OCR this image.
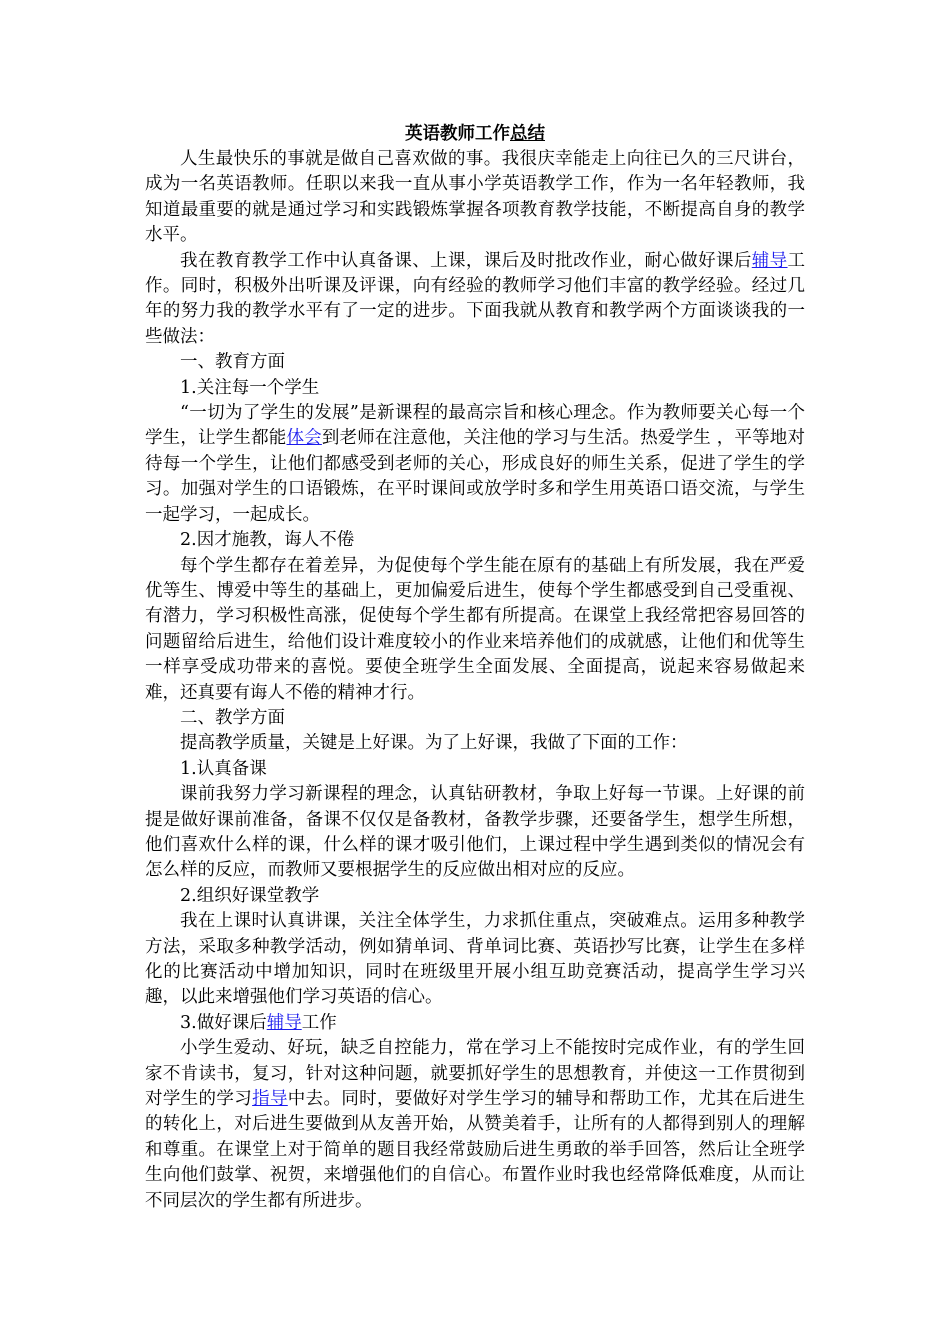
英语教师工作总结

人生最快乐的事就是做自己喜欢做的事。我很庆幸能走上向往已久的三尺讲台，成为一名英语教师。任职以来我一直从事小学英语教学工作，作为一名年轻教师，我知道最重要的就是通过学习和实践锻炼掌握各项教育教学技能，不断提高自身的教学水平。

我在教育教学工作中认真备课、上课，课后及时批改作业，耐心做好课后辅导工作。同时，积极外出听课及评课，向有经验的教师学习他们丰富的教学经验。经过几年的努力我的教学水平有了一定的进步。下面我就从教育和教学两个方面谈谈我的一些做法：

一、教育方面

1.关注每一个学生

“一切为了学生的发展”是新课程的最高宗旨和核心理念。作为教师要关心每一个学生，让学生都能体会到老师在注意他，关注他的学习与生活。热爱学生 ，平等地对待每一个学生，让他们都感受到老师的关心，形成良好的师生关系，促进了学生的学习。加强对学生的口语锻炼，在平时课间或放学时多和学生用英语口语交流，与学生一起学习，一起成长。

2.因才施教，诲人不倦

每个学生都存在着差异，为促使每个学生能在原有的基础上有所发展，我在严爱优等生、博爱中等生的基础上，更加偏爱后进生，使每个学生都感受到自己受重视、有潜力，学习积极性高涨，促使每个学生都有所提高。在课堂上我经常把容易回答的问题留给后进生，给他们设计难度较小的作业来培养他们的成就感，让他们和优等生一样享受成功带来的喜悦。要使全班学生全面发展、全面提高，说起来容易做起来难，还真要有诲人不倦的精神才行。

二、教学方面

提高教学质量，关键是上好课。为了上好课，我做了下面的工作：

1.认真备课

课前我努力学习新课程的理念，认真钻研教材，争取上好每一节课。上好课的前提是做好课前准备，备课不仅仅是备教材，备教学步骤，还要备学生，想学生所想，他们喜欢什么样的课，什么样的课才吸引他们，上课过程中学生遇到类似的情况会有怎么样的反应，而教师又要根据学生的反应做出相对应的反应。

2.组织好课堂教学

我在上课时认真讲课，关注全体学生，力求抓住重点，突破难点。运用多种教学方法，采取多种教学活动，例如猜单词、背单词比赛、英语抄写比赛，让学生在多样化的比赛活动中增加知识，同时在班级里开展小组互助竞赛活动，提高学生学习兴趣，以此来增强他们学习英语的信心。

3.做好课后辅导工作

小学生爱动、好玩，缺乏自控能力，常在学习上不能按时完成作业，有的学生回家不肯读书，复习，针对这种问题，就要抓好学生的思想教育，并使这一工作贯彻到对学生的学习指导中去。同时，要做好对学生学习的辅导和帮助工作，尤其在后进生的转化上，对后进生要做到从友善开始，从赞美着手，让所有的人都得到别人的理解和尊重。在课堂上对于简单的题目我经常鼓励后进生勇敢的举手回答，然后让全班学生向他们鼓掌、祝贺，来增强他们的自信心。布置作业时我也经常降低难度，从而让不同层次的学生都有所进步。
